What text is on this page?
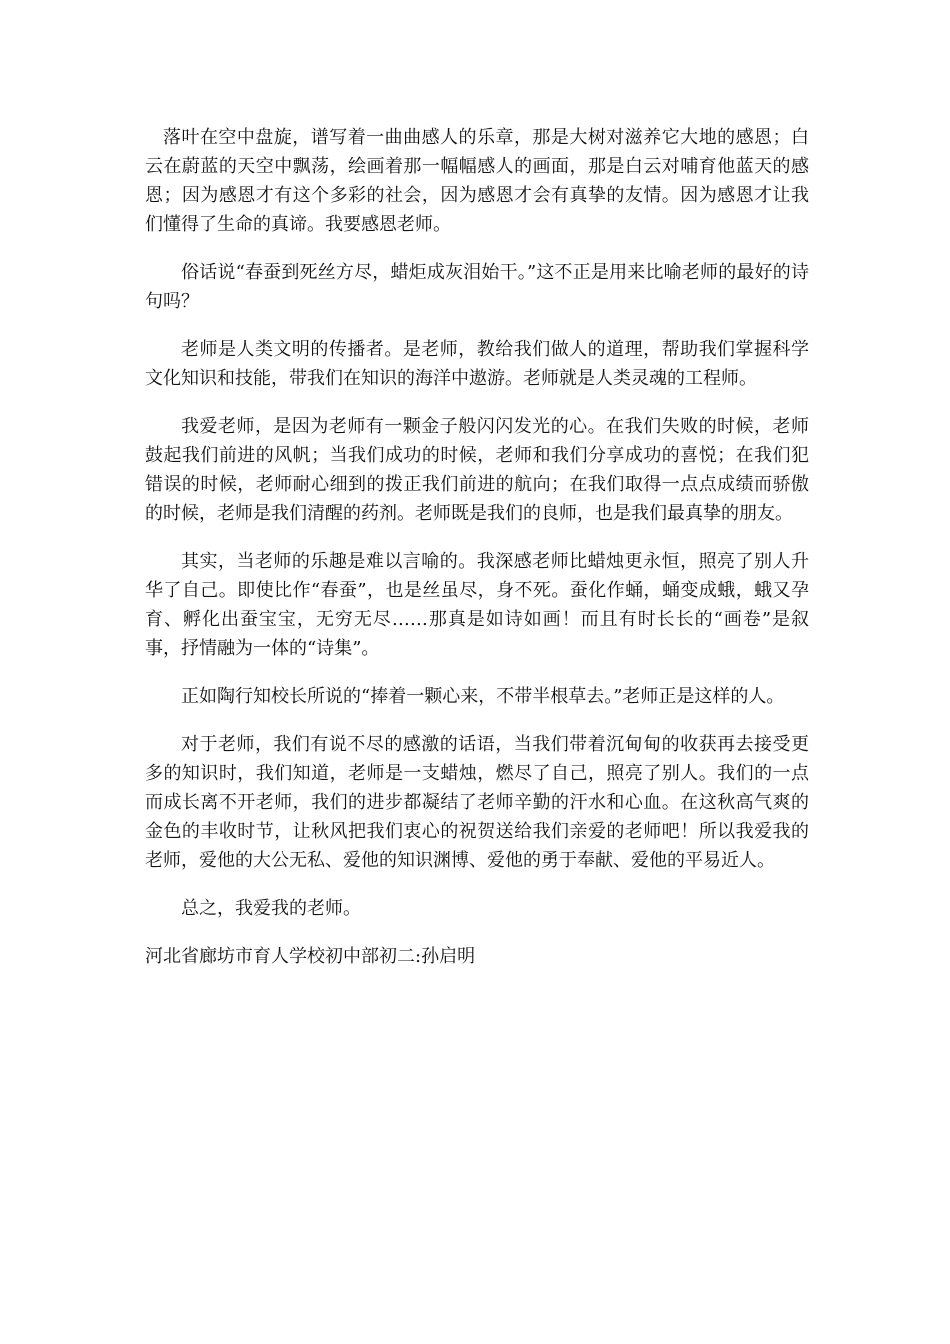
落叶在空中盘旋，谱写着一曲曲感人的乐章，那是大树对滋养它大地的感恩；白云在蔚蓝的天空中飘荡，绘画着那一幅幅感人的画面，那是白云对哺育他蓝天的感恩；因为感恩才有这个多彩的社会，因为感恩才会有真挚的友情。因为感恩才让我们懂得了生命的真谛。我要感恩老师。

俗话说“春蚕到死丝方尽，蜡炬成灰泪始干。”这不正是用来比喻老师的最好的诗句吗？

老师是人类文明的传播者。是老师，教给我们做人的道理，帮助我们掌握科学文化知识和技能，带我们在知识的海洋中遨游。老师就是人类灵魂的工程师。

我爱老师，是因为老师有一颗金子般闪闪发光的心。在我们失败的时候，老师鼓起我们前进的风帆；当我们成功的时候，老师和我们分享成功的喜悦；在我们犯错误的时候，老师耐心细到的拨正我们前进的航向；在我们取得一点点成绩而骄傲的时候，老师是我们清醒的药剂。老师既是我们的良师，也是我们最真挚的朋友。

其实，当老师的乐趣是难以言喻的。我深感老师比蜡烛更永恒，照亮了别人升华了自己。即使比作“春蚕”，也是丝虽尽，身不死。蚕化作蛹，蛹变成蛾，蛾又孕育、孵化出蚕宝宝，无穷无尽……那真是如诗如画！而且有时长长的“画卷”是叙事，抒情融为一体的“诗集”。

正如陶行知校长所说的“捧着一颗心来，不带半根草去。”老师正是这样的人。

对于老师，我们有说不尽的感激的话语，当我们带着沉甸甸的收获再去接受更多的知识时，我们知道，老师是一支蜡烛，燃尽了自己，照亮了别人。我们的一点而成长离不开老师，我们的进步都凝结了老师辛勤的汗水和心血。在这秋高气爽的金色的丰收时节，让秋风把我们衷心的祝贺送给我们亲爱的老师吧！所以我爱我的老师，爱他的大公无私、爱他的知识渊博、爱他的勇于奉献、爱他的平易近人。

总之，我爱我的老师。

河北省廊坊市育人学校初中部初二:孙启明
